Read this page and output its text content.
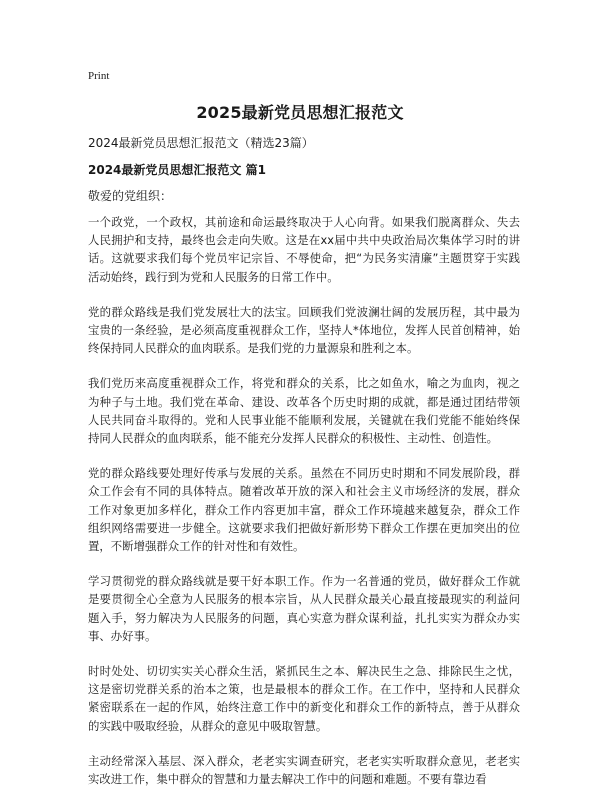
Print
2025最新党员思想汇报范文
2024最新党员思想汇报范文（精选23篇）
2024最新党员思想汇报范文 篇1
敬爱的党组织：

一个政党，一个政权，其前途和命运最终取决于人心向背。如果我们脱离群众、失去人民拥护和支持，最终也会走向失败。这是在xx届中共中央政治局次集体学习时的讲话。这就要求我们每个党员牢记宗旨、不辱使命，把“为民务实清廉”主题贯穿于实践活动始终，践行到为党和人民服务的日常工作中。

党的群众路线是我们党发展壮大的法宝。回顾我们党波澜壮阔的发展历程，其中最为宝贵的一条经验，是必须高度重视群众工作，坚持人*体地位，发挥人民首创精神，始终保持同人民群众的血肉联系。是我们党的力量源泉和胜利之本。

我们党历来高度重视群众工作，将党和群众的关系，比之如鱼水，喻之为血肉，视之为种子与土地。我们党在革命、建设、改革各个历史时期的成就，都是通过团结带领人民共同奋斗取得的。党和人民事业能不能顺利发展，关键就在我们党能不能始终保持同人民群众的血肉联系，能不能充分发挥人民群众的积极性、主动性、创造性。

党的群众路线要处理好传承与发展的关系。虽然在不同历史时期和不同发展阶段，群众工作会有不同的具体特点。随着改革开放的深入和社会主义市场经济的发展，群众工作对象更加多样化，群众工作内容更加丰富，群众工作环境越来越复杂，群众工作组织网络需要进一步健全。这就要求我们把做好新形势下群众工作摆在更加突出的位置，不断增强群众工作的针对性和有效性。

学习贯彻党的群众路线就是要干好本职工作。作为一名普通的党员，做好群众工作就是要贯彻全心全意为人民服务的根本宗旨，从人民群众最关心最直接最现实的利益问题入手，努力解决为人民服务的问题，真心实意为群众谋利益，扎扎实实为群众办实事、办好事。

时时处处、切切实实关心群众生活，紧抓民生之本、解决民生之急、排除民生之忧，这是密切党群关系的治本之策，也是最根本的群众工作。在工作中，坚持和人民群众紧密联系在一起的作风，始终注意工作中的新变化和群众工作的新特点，善于从群众的实践中吸取经验，从群众的意见中吸取智慧。

主动经常深入基层、深入群众，老老实实调查研究，老老实实听取群众意见，老老实实改进工作，集中群众的智慧和力量去解决工作中的问题和难题。不要有靠边看
